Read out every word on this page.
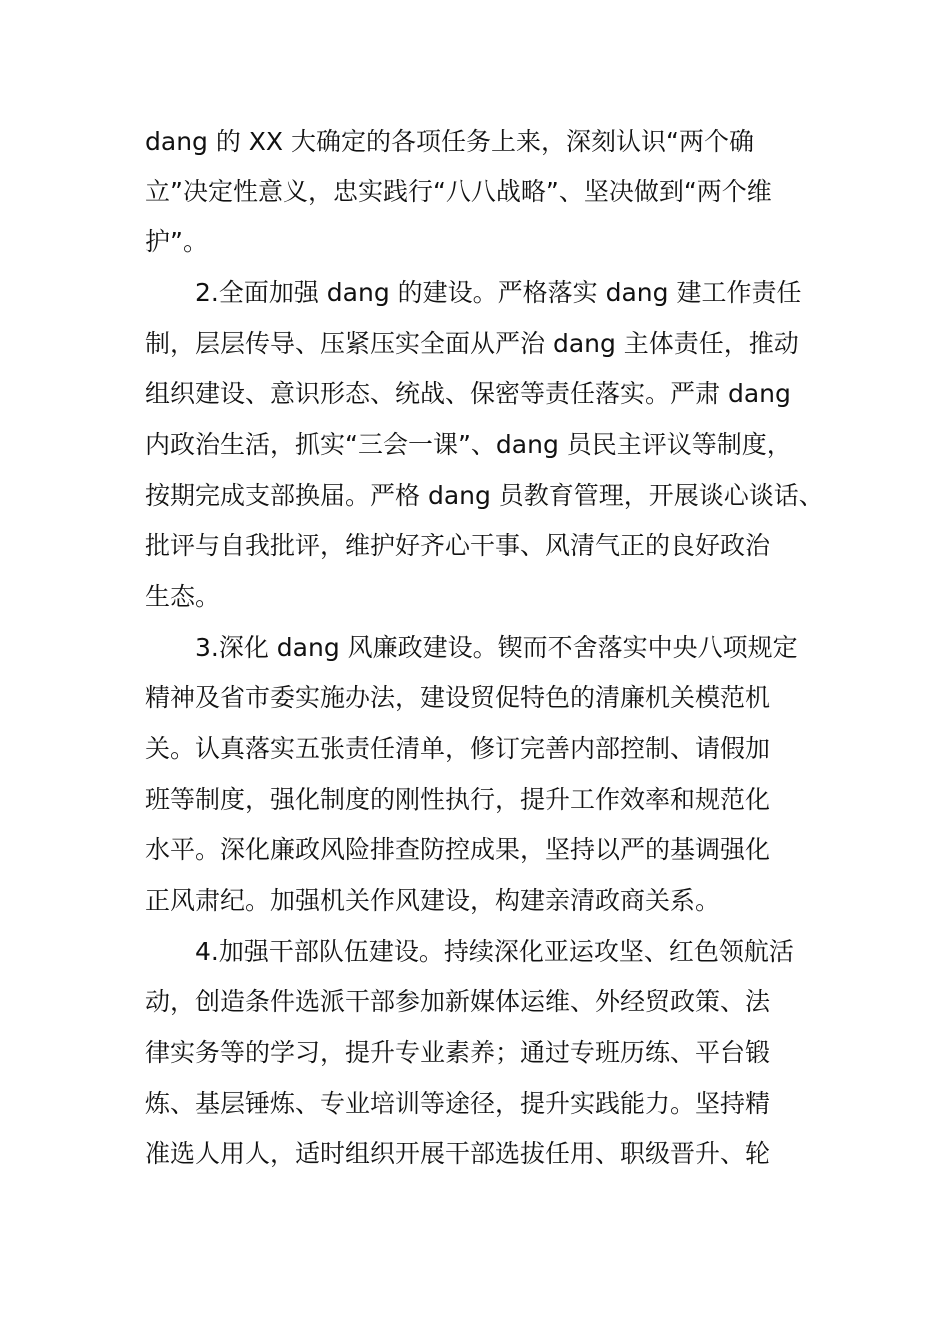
dang 的 XX 大确定的各项任务上来，深刻认识“两个确
立”决定性意义，忠实践行“八八战略”、坚决做到“两个维
护”。
2.全面加强 dang 的建设。严格落实 dang 建工作责任
制，层层传导、压紧压实全面从严治 dang 主体责任，推动
组织建设、意识形态、统战、保密等责任落实。严肃 dang
内政治生活，抓实“三会一课”、dang 员民主评议等制度，
按期完成支部换届。严格 dang 员教育管理，开展谈心谈话、
批评与自我批评，维护好齐心干事、风清气正的良好政治
生态。
3.深化 dang 风廉政建设。锲而不舍落实中央八项规定
精神及省市委实施办法，建设贸促特色的清廉机关模范机
关。认真落实五张责任清单，修订完善内部控制、请假加
班等制度，强化制度的刚性执行，提升工作效率和规范化
水平。深化廉政风险排查防控成果，坚持以严的基调强化
正风肃纪。加强机关作风建设，构建亲清政商关系。
4.加强干部队伍建设。持续深化亚运攻坚、红色领航活
动，创造条件选派干部参加新媒体运维、外经贸政策、法
律实务等的学习，提升专业素养；通过专班历练、平台锻
炼、基层锤炼、专业培训等途径，提升实践能力。坚持精
准选人用人，适时组织开展干部选拔任用、职级晋升、轮
